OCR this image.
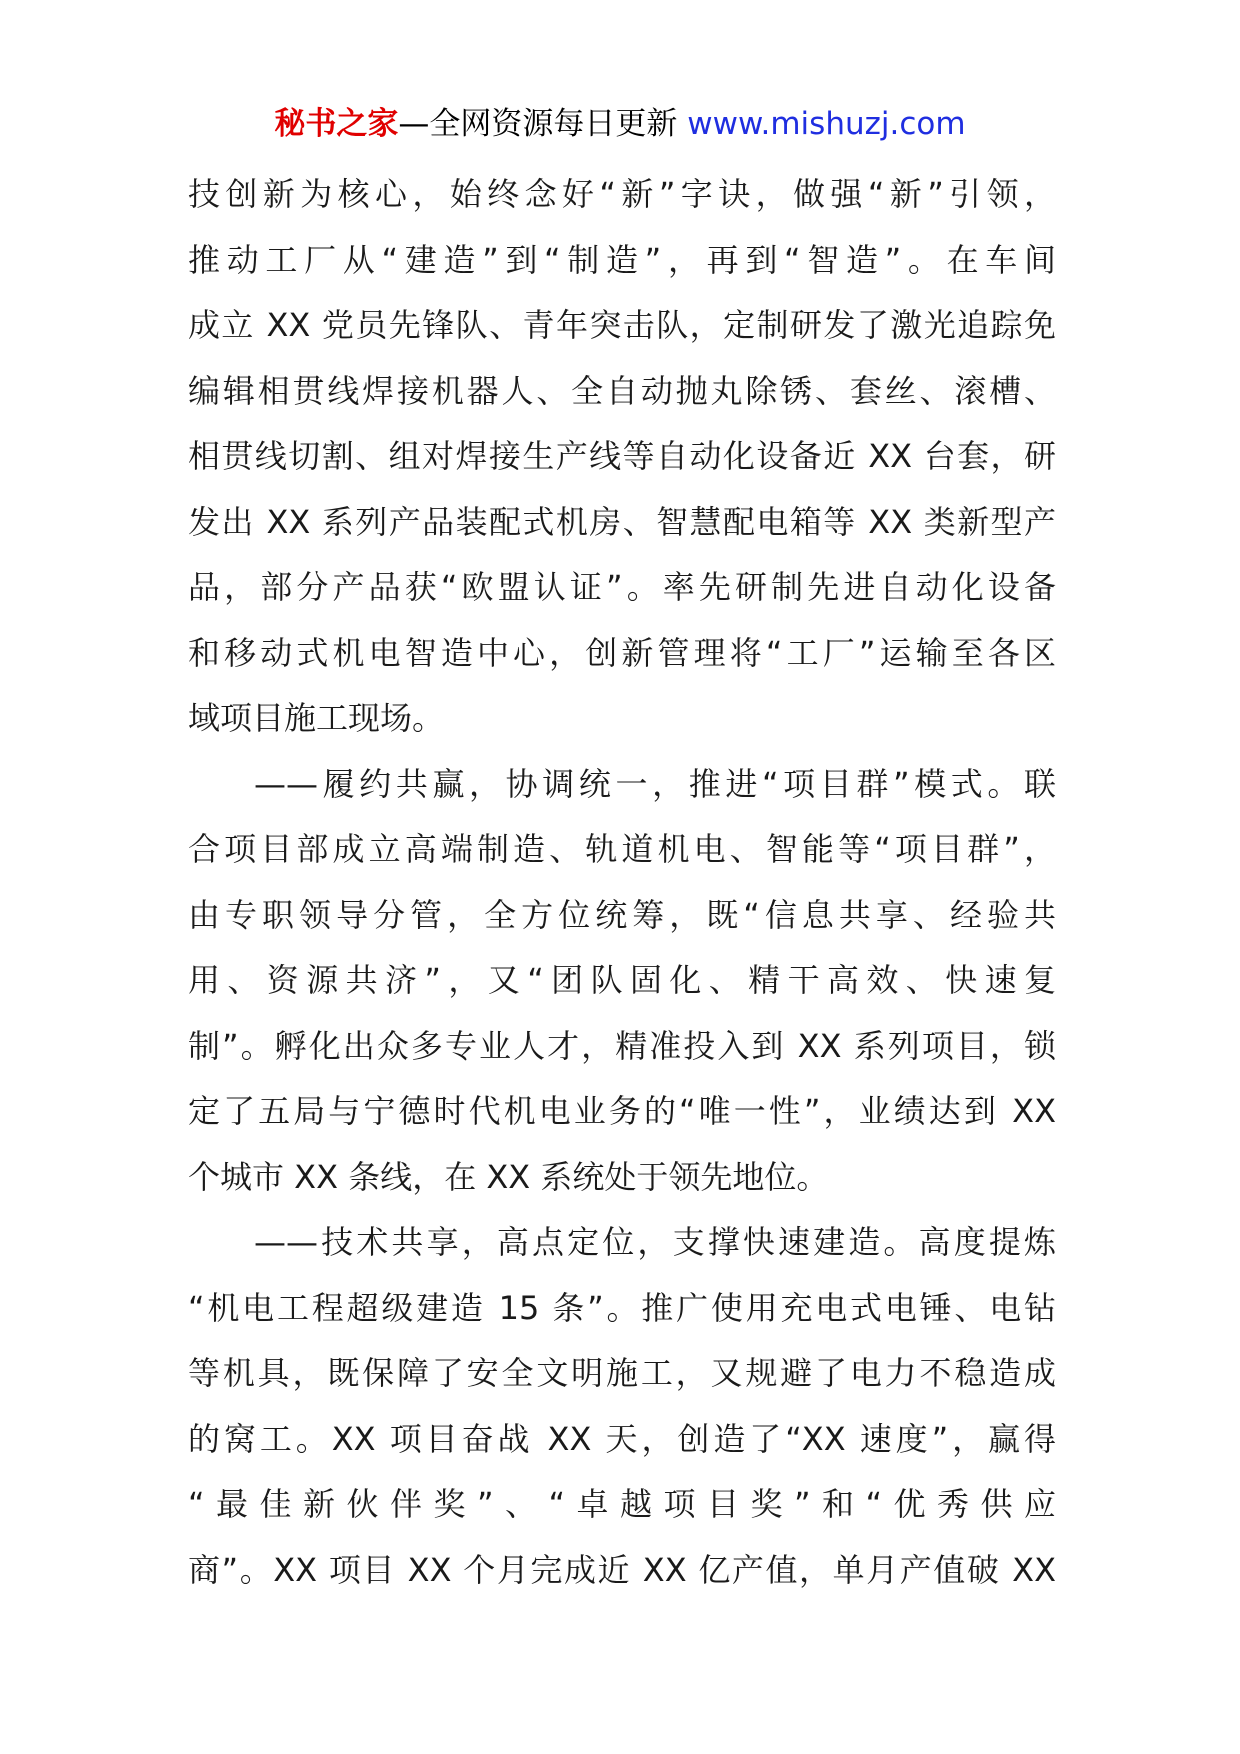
秘书之家—全网资源每日更新 www.mishuzj.com
技创新为核心，始终念好“新”字诀，做强“新”引领，
推动工厂从“建造”到“制造”，再到“智造”。在车间
成立 XX 党员先锋队、青年突击队，定制研发了激光追踪免
编辑相贯线焊接机器人、全自动抛丸除锈、套丝、滚槽、
相贯线切割、组对焊接生产线等自动化设备近 XX 台套，研
发出 XX 系列产品装配式机房、智慧配电箱等 XX 类新型产
品，部分产品获“欧盟认证”。率先研制先进自动化设备
和移动式机电智造中心，创新管理将“工厂”运输至各区
域项目施工现场。
——履约共赢，协调统一，推进“项目群”模式。联
合项目部成立高端制造、轨道机电、智能等“项目群”，
由专职领导分管，全方位统筹，既“信息共享、经验共
用、资源共济”，又“团队固化、精干高效、快速复
制”。孵化出众多专业人才，精准投入到 XX 系列项目，锁
定了五局与宁德时代机电业务的“唯一性”，业绩达到 XX
个城市 XX 条线，在 XX 系统处于领先地位。
——技术共享，高点定位，支撑快速建造。高度提炼
“机电工程超级建造 15 条”。推广使用充电式电锤、电钻
等机具，既保障了安全文明施工，又规避了电力不稳造成
的窝工。XX 项目奋战 XX 天，创造了“XX 速度”，赢得
“最佳新伙伴奖”、“卓越项目奖”和“优秀供应
商”。XX 项目 XX 个月完成近 XX 亿产值，单月产值破 XX
